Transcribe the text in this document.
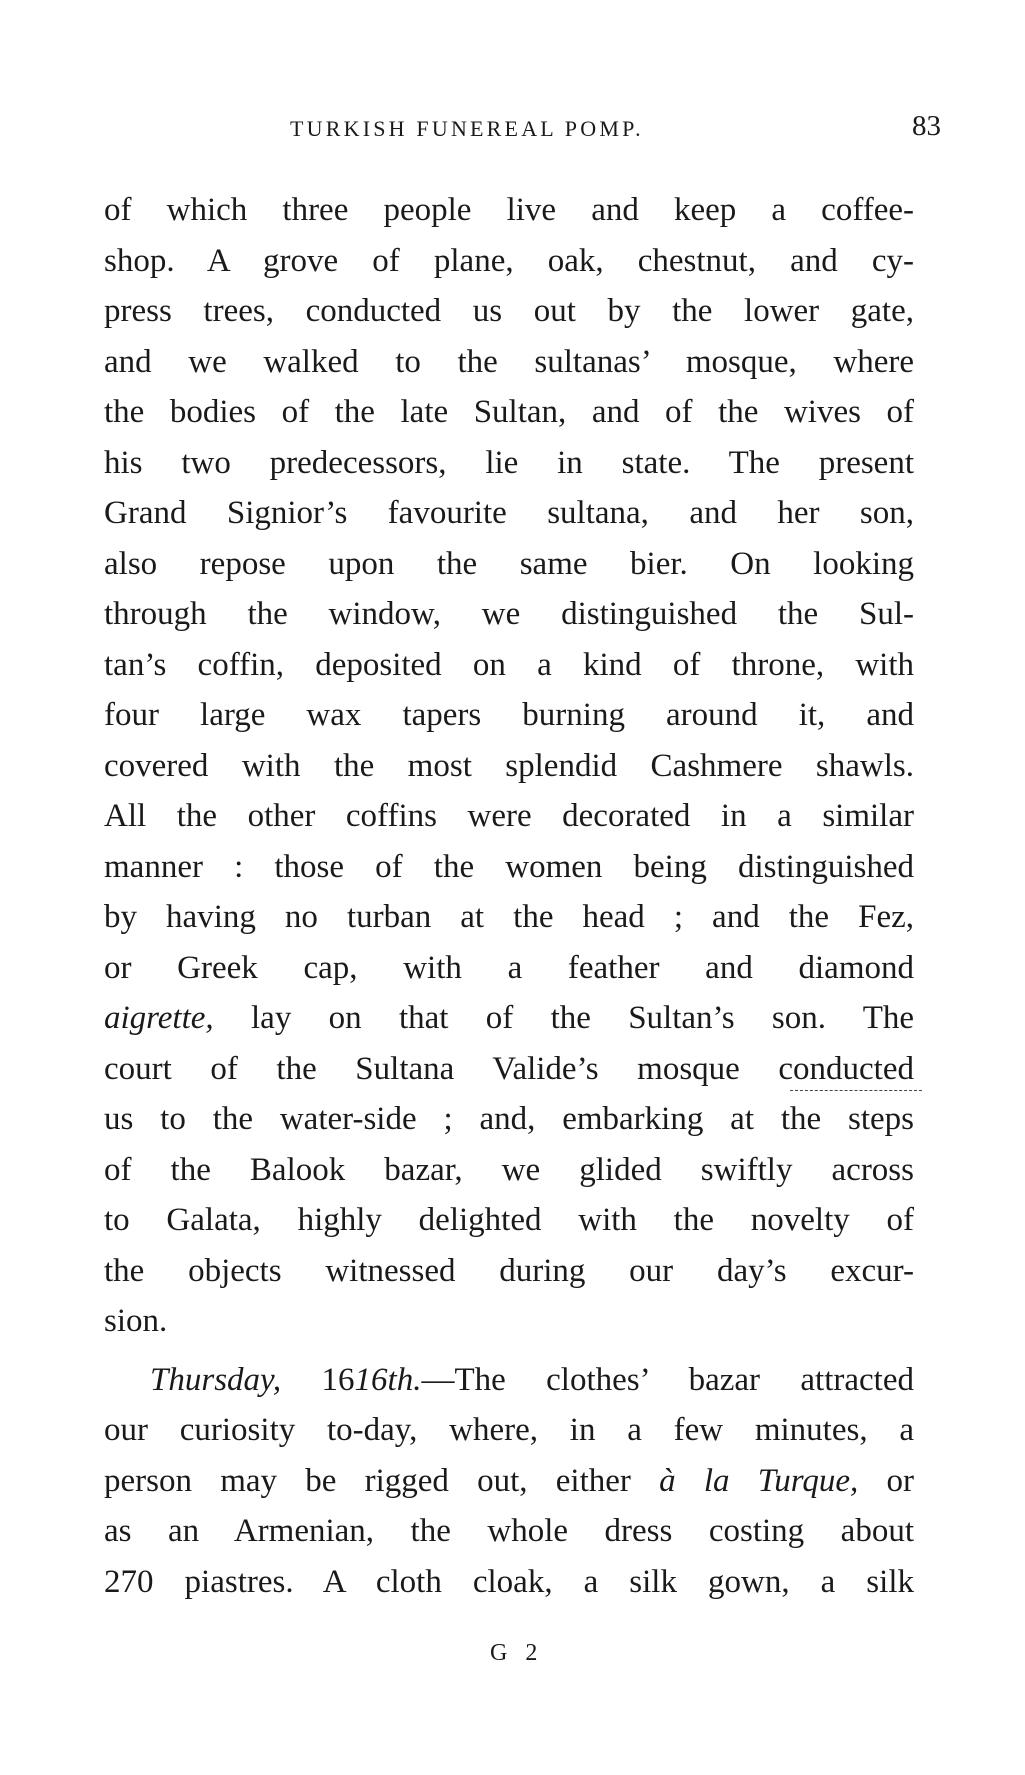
TURKISH FUNEREAL POMP.	83
of which three people live and keep a coffee-
shop. A grove of plane, oak, chestnut, and cy-
press trees, conducted us out by the lower gate,
and we walked to the sultanas’ mosque, where
the bodies of the late Sultan, and of the wives of
his two predecessors, lie in state. The present
Grand Signior’s favourite sultana, and her son,
also repose upon the same bier. On looking
through the window, we distinguished the Sul-
tan’s coffin, deposited on a kind of throne, with
four large wax tapers burning around it, and
covered with the most splendid Cashmere shawls.
All the other coffins were decorated in a similar
manner : those of the women being distinguished
by having no turban at the head ; and the Fez,
or Greek cap, with a feather and diamond
aigrette, lay on that of the Sultan’s son. The
court of the Sultana Valide’s mosque conducted
us to the water-side ; and, embarking at the steps
of the Balook bazar, we glided swiftly across
to Galata, highly delighted with the novelty of
the objects witnessed during our day’s excur-
sion.
Thursday, 1616th.—The clothes’ bazar attracted
our curiosity to-day, where, in a few minutes, a
person may be rigged out, either à la Turque, or
as an Armenian, the whole dress costing about
270 piastres. A cloth cloak, a silk gown, a silk
G 2
